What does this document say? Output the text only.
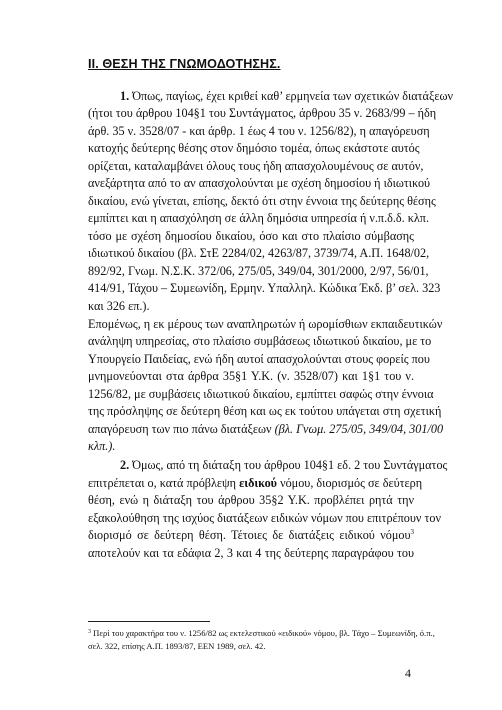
ΙΙ. ΘΕΣΗ ΤΗΣ ΓΝΩΜΟΔΟΤΗΣΗΣ.
1. Όπως, παγίως, έχει κριθεί καθ’ ερμηνεία των σχετικών διατάξεων
(ήτοι του άρθρου 104§1 του Συντάγματος, άρθρου 35 ν. 2683/99 – ήδη
άρθ. 35 ν. 3528/07 - και άρθρ. 1 έως 4 του ν. 1256/82), η απαγόρευση
κατοχής δεύτερης θέσης στον δημόσιο τομέα, όπως εκάστοτε αυτός
ορίζεται, καταλαμβάνει όλους τους ήδη απασχολουμένους σε αυτόν,
ανεξάρτητα από το αν απασχολούνται με σχέση δημοσίου ή ιδιωτικού
δικαίου, ενώ γίνεται, επίσης, δεκτό ότι στην έννοια της δεύτερης θέσης
εμπίπτει και η απασχόληση σε άλλη δημόσια υπηρεσία ή ν.π.δ.δ. κλπ.
τόσο με σχέση δημοσίου δικαίου, όσο και στο πλαίσιο σύμβασης
ιδιωτικού δικαίου (βλ. ΣτΕ 2284/02, 4263/87, 3739/74, Α.Π. 1648/02,
892/92, Γνωμ. Ν.Σ.Κ. 372/06, 275/05, 349/04, 301/2000, 2/97, 56/01,
414/91, Τάχου – Συμεωνίδη, Ερμην. Υπαλληλ. Κώδικα Έκδ. β’ σελ. 323
και 326 επ.).
Επομένως, η εκ μέρους των αναπληρωτών ή ωρομίσθιων εκπαιδευτικών
ανάληψη υπηρεσίας, στο πλαίσιο συμβάσεως ιδιωτικού δικαίου, με το
Υπουργείο Παιδείας, ενώ ήδη αυτοί απασχολούνται στους φορείς που
μνημονεύονται στα άρθρα 35§1 Υ.Κ. (ν. 3528/07) και 1§1 του ν.
1256/82, με συμβάσεις ιδιωτικού δικαίου, εμπίπτει σαφώς στην έννοια
της πρόσληψης σε δεύτερη θέση και ως εκ τούτου υπάγεται στη σχετική
απαγόρευση των πιο πάνω διατάξεων (βλ. Γνωμ. 275/05, 349/04, 301/00
κλπ.).
2. Όμως, από τη διάταξη του άρθρου 104§1 εδ. 2 του Συντάγματος
επιτρέπεται ο, κατά πρόβλεψη ειδικού νόμου, διορισμός σε δεύτερη
θέση, ενώ η διάταξη του άρθρου 35§2 Υ.Κ. προβλέπει ρητά την
εξακολούθηση της ισχύος διατάξεων ειδικών νόμων που επιτρέπουν τον
διορισμό σε δεύτερη θέση. Τέτοιες δε διατάξεις ειδικού νόμου$^3$
αποτελούν και τα εδάφια 2, 3 και 4 της δεύτερης παραγράφου του
$^3$ Περί του χαρακτήρα του ν. 1256/82 ως εκτελεστικού «ειδικού» νόμου, βλ. Τάχο – Συμεωνίδη, ό.π.,
σελ. 322, επίσης Α.Π. 1893/87, ΕΕΝ 1989, σελ. 42.
4
